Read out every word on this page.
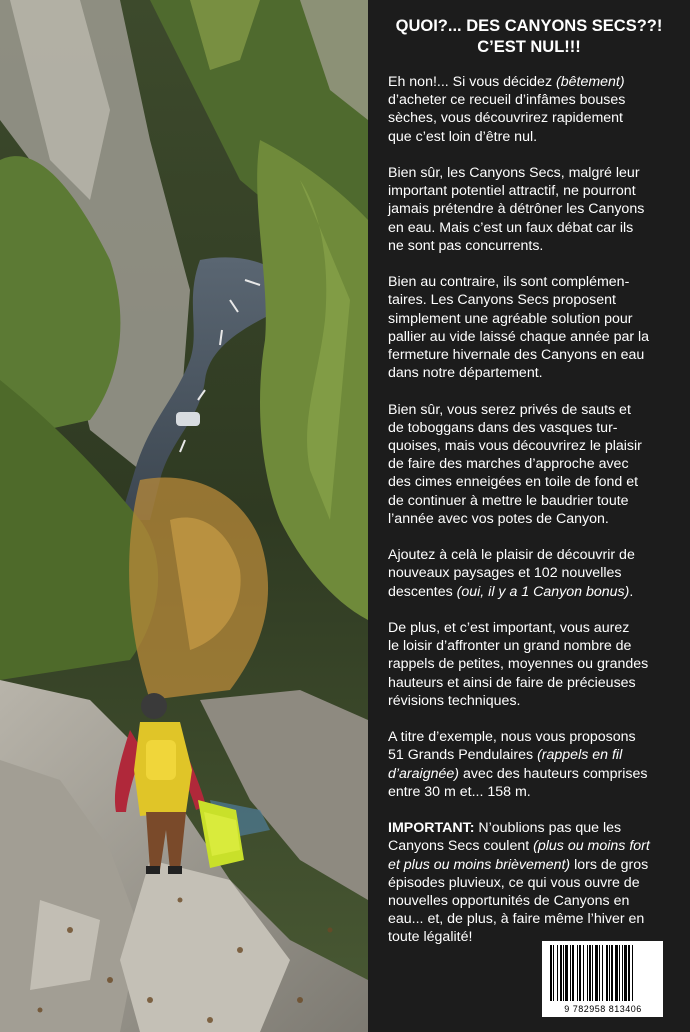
QUOI?... DES CANYONS SECS??!
C’EST NUL!!!

Eh non!... Si vous décidez (bêtement)
d’acheter ce recueil d’infâmes bouses
sèches, vous découvrirez rapidement
que c’est loin d’être nul.

Bien sûr, les Canyons Secs, malgré leur
important potentiel attractif, ne pourront
jamais prétendre à détrôner les Canyons
en eau. Mais c’est un faux débat car ils
ne sont pas concurrents.

Bien au contraire, ils sont complémen-
taires. Les Canyons Secs proposent
simplement une agréable solution pour
pallier au vide laissé chaque année par la
fermeture hivernale des Canyons en eau
dans notre département.

Bien sûr, vous serez privés de sauts et
de toboggans dans des vasques tur-
quoises, mais vous découvrirez le plaisir
de faire des marches d’approche avec
des cimes enneigées en toile de fond et
de continuer à mettre le baudrier toute
l’année avec vos potes de Canyon.

Ajoutez à celà le plaisir de découvrir de
nouveaux paysages et 102 nouvelles
descentes (oui, il y a 1 Canyon bonus).

De plus, et c’est important, vous aurez
le loisir d’affronter un grand nombre de
rappels de petites, moyennes ou grandes
hauteurs et ainsi de faire de précieuses
révisions techniques.

A titre d’exemple, nous vous proposons
51 Grands Pendulaires (rappels en fil
d’araignée) avec des hauteurs comprises
entre 30 m et... 158 m.

IMPORTANT: N’oublions pas que les
Canyons Secs coulent (plus ou moins fort
et plus ou moins brièvement) lors de gros
épisodes pluvieux, ce qui vous ouvre de
nouvelles opportunités de Canyons en
eau... et, de plus, à faire même l’hiver en
toute légalité!

9 782958 813406
